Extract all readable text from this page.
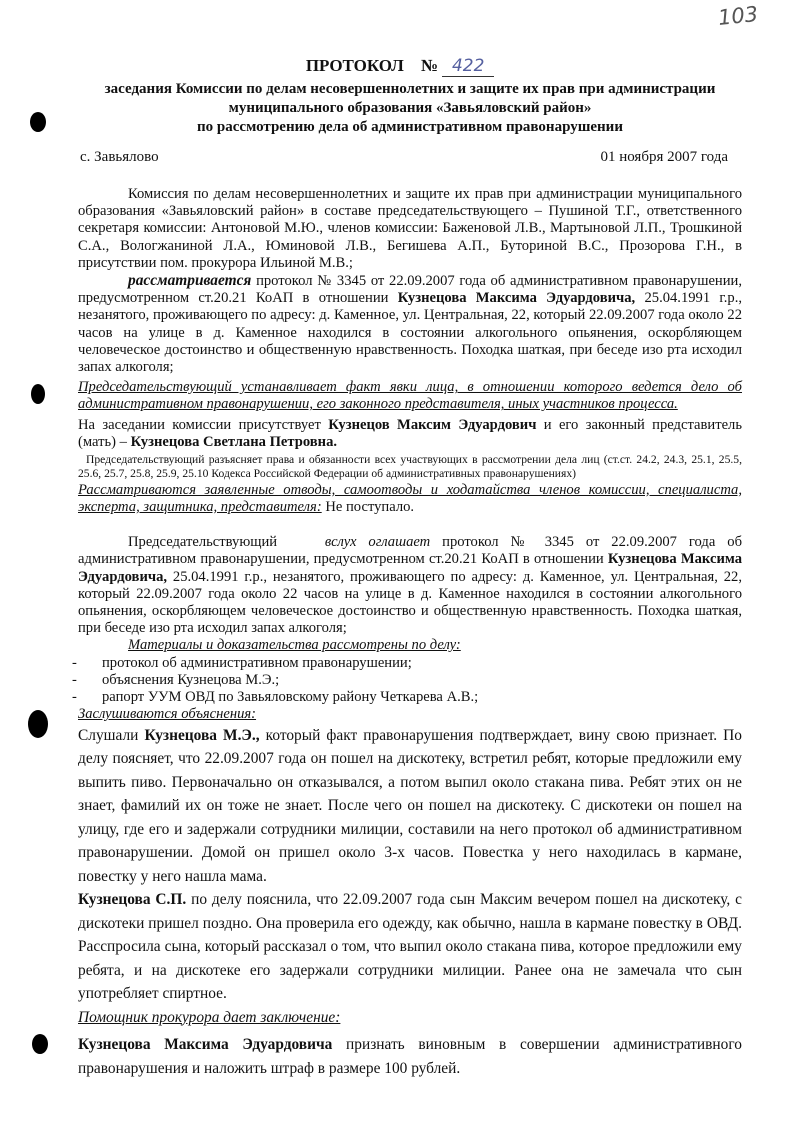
103
ПРОТОКОЛ № 422
заседания Комиссии по делам несовершеннолетних и защите их прав при администрации
муниципального образования «Завьяловский район»
по рассмотрению дела об административном правонарушении
с. Завьялово	01 ноября 2007 года

Комиссия по делам несовершеннолетних и защите их прав при администрации муниципального образования «Завьяловский район» в составе председательствующего – Пушиной Т.Г., ответственного секретаря комиссии: Антоновой М.Ю., членов комиссии: Баженовой Л.В., Мартыновой Л.П., Трошкиной С.А., Вологжаниной Л.А., Юминовой Л.В., Бегишева А.П., Буториной В.С., Прозорова Г.Н., в присутствии пом. прокурора Ильиной М.В.;

рассматривается протокол № 3345 от 22.09.2007 года об административном правонарушении, предусмотренном ст.20.21 КоАП в отношении Кузнецова Максима Эдуардовича, 25.04.1991 г.р., незанятого, проживающего по адресу: д. Каменное, ул. Центральная, 22, который 22.09.2007 года около 22 часов на улице в д. Каменное находился в состоянии алкогольного опьянения, оскорбляющем человеческое достоинство и общественную нравственность. Походка шаткая, при беседе изо рта исходил запах алкоголя;

Председательствующий устанавливает факт явки лица, в отношении которого ведется дело об административном правонарушении, его законного представителя, иных участников процесса.

На заседании комиссии присутствует Кузнецов Максим Эдуардович и его законный представитель (мать) – Кузнецова Светлана Петровна.

Председательствующий разъясняет права и обязанности всех участвующих в рассмотрении дела лиц (ст.ст. 24.2, 24.3, 25.1, 25.5, 25.6, 25.7, 25.8, 25.9, 25.10 Кодекса Российской Федерации об административных правонарушениях)

Рассматриваются заявленные отводы, самоотводы и ходатайства членов комиссии, специалиста, эксперта, защитника, представителя: Не поступало.

Председательствующий	вслух оглашает протокол № 3345 от 22.09.2007 года об административном правонарушении, предусмотренном ст.20.21 КоАП в отношении Кузнецова Максима Эдуардовича, 25.04.1991 г.р., незанятого, проживающего по адресу: д. Каменное, ул. Центральная, 22, который 22.09.2007 года около 22 часов на улице в д. Каменное находился в состоянии алкогольного опьянения, оскорбляющем человеческое достоинство и общественную нравственность. Походка шаткая, при беседе изо рта исходил запах алкоголя;

Материалы и доказательства рассмотрены по делу:

- протокол об административном правонарушении;
- объяснения Кузнецова М.Э.;
- рапорт УУМ ОВД по Завьяловскому району Четкарева А.В.;

Заслушиваются объяснения:

Слушали Кузнецова М.Э., который факт правонарушения подтверждает, вину свою признает. По делу поясняет, что 22.09.2007 года он пошел на дискотеку, встретил ребят, которые предложили ему выпить пиво. Первоначально он отказывался, а потом выпил около стакана пива. Ребят этих он не знает, фамилий их он тоже не знает. После чего он пошел на дискотеку. С дискотеки он пошел на улицу, где его и задержали сотрудники милиции, составили на него протокол об административном правонарушении. Домой он пришел около 3-х часов. Повестка у него находилась в кармане, повестку у него нашла мама.

Кузнецова С.П. по делу пояснила, что 22.09.2007 года сын Максим вечером пошел на дискотеку, с дискотеки пришел поздно. Она проверила его одежду, как обычно, нашла в кармане повестку в ОВД. Расспросила сына, который рассказал о том, что выпил около стакана пива, которое предложили ему ребята, и на дискотеке его задержали сотрудники милиции. Ранее она не замечала что сын употребляет спиртное.

Помощник прокурора дает заключение:

Кузнецова Максима Эдуардовича признать виновным в совершении административного правонарушения и наложить штраф в размере 100 рублей.
